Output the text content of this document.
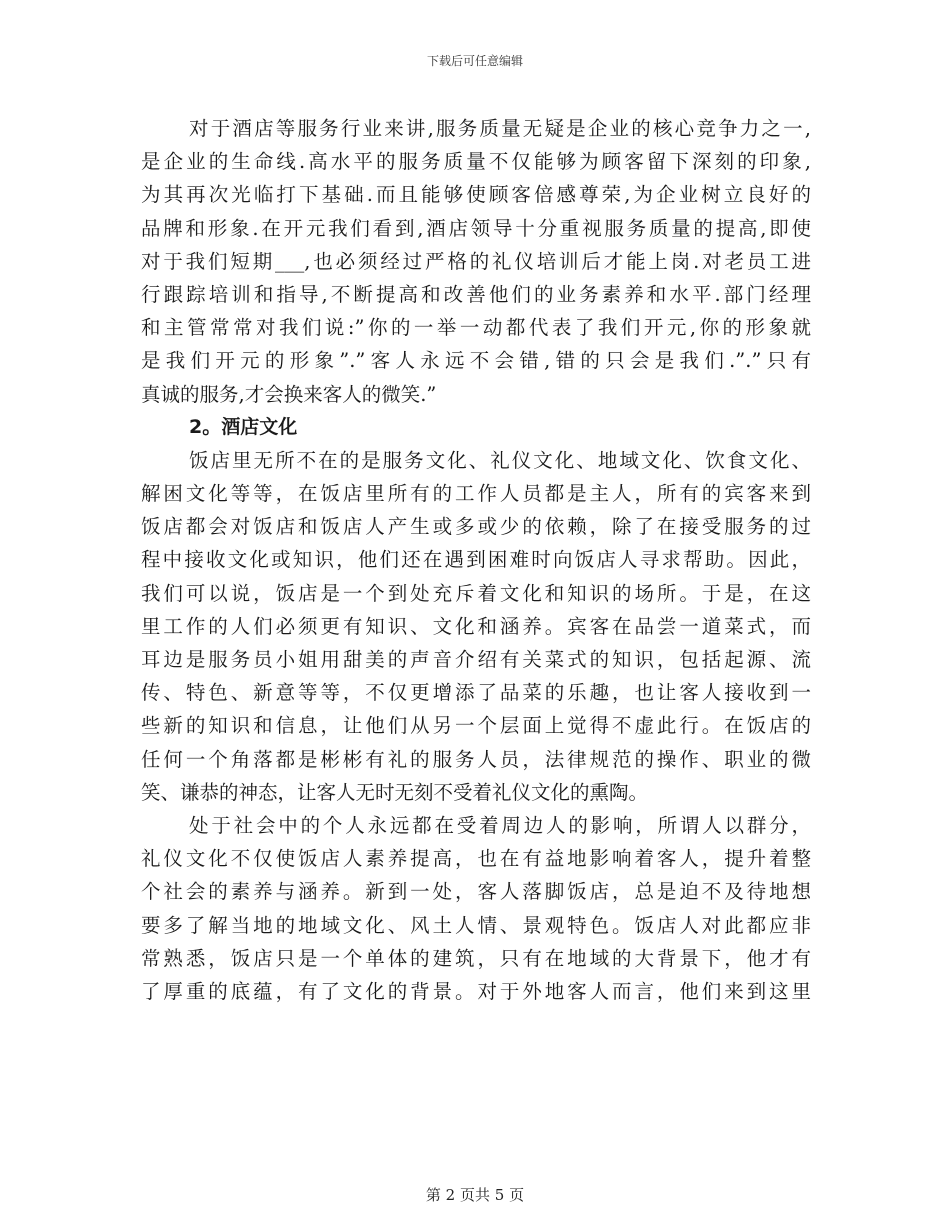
下载后可任意编辑
对于酒店等服务行业来讲,服务质量无疑是企业的核心竞争力之一,
是企业的生命线.高水平的服务质量不仅能够为顾客留下深刻的印象,
为其再次光临打下基础.而且能够使顾客倍感尊荣,为企业树立良好的
品牌和形象.在开元我们看到,酒店领导十分重视服务质量的提高,即使
对于我们短期___,也必须经过严格的礼仪培训后才能上岗.对老员工进
行跟踪培训和指导,不断提高和改善他们的业务素养和水平.部门经理
和主管常常对我们说:”你的一举一动都代表了我们开元,你的形象就
是我们开元的形象”.”客人永远不会错,错的只会是我们.”.”只有
真诚的服务,才会换来客人的微笑.”
2。酒店文化
饭店里无所不在的是服务文化、礼仪文化、地域文化、饮食文化、
解困文化等等，在饭店里所有的工作人员都是主人，所有的宾客来到
饭店都会对饭店和饭店人产生或多或少的依赖，除了在接受服务的过
程中接收文化或知识，他们还在遇到困难时向饭店人寻求帮助。因此，
我们可以说，饭店是一个到处充斥着文化和知识的场所。于是，在这
里工作的人们必须更有知识、文化和涵养。宾客在品尝一道菜式，而
耳边是服务员小姐用甜美的声音介绍有关菜式的知识，包括起源、流
传、特色、新意等等，不仅更增添了品菜的乐趣，也让客人接收到一
些新的知识和信息，让他们从另一个层面上觉得不虚此行。在饭店的
任何一个角落都是彬彬有礼的服务人员，法律规范的操作、职业的微
笑、谦恭的神态，让客人无时无刻不受着礼仪文化的熏陶。
处于社会中的个人永远都在受着周边人的影响，所谓人以群分，
礼仪文化不仅使饭店人素养提高，也在有益地影响着客人，提升着整
个社会的素养与涵养。新到一处，客人落脚饭店，总是迫不及待地想
要多了解当地的地域文化、风土人情、景观特色。饭店人对此都应非
常熟悉，饭店只是一个单体的建筑，只有在地域的大背景下，他才有
了厚重的底蕴，有了文化的背景。对于外地客人而言，他们来到这里
第 2 页共 5 页
